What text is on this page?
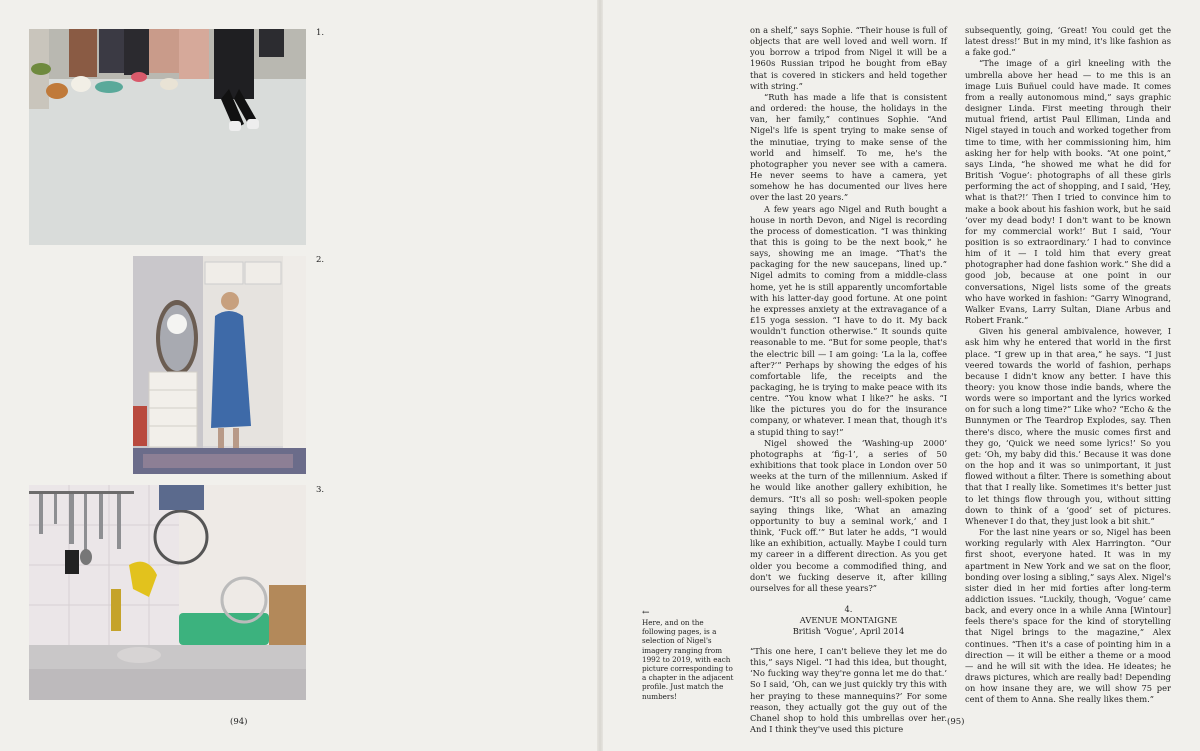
1.
2.
3.
(94)	(95)
←
Here, and on the following pages, is a selection of Nigel's imagery ranging from 1992 to 2019, with each picture corresponding to a chapter in the adjacent profile. Just match the numbers!

on a shelf,” says Sophie. “Their house is full of objects that are well loved and well worn. If you borrow a tripod from Nigel it will be a 1960s Russian tripod he bought from eBay that is covered in stickers and held together with string.”

“Ruth has made a life that is consistent and ordered: the house, the holidays in the van, her family,” continues Sophie. “And Nigel's life is spent trying to make sense of the minutiae, trying to make sense of the world and himself. To me, he's the photographer you never see with a camera. He never seems to have a camera, yet somehow he has documented our lives here over the last 20 years.”

A few years ago Nigel and Ruth bought a house in north Devon, and Nigel is recording the process of domestication. “I was thinking that this is going to be the next book,” he says, showing me an image. “That's the packaging for the new saucepans, lined up.” Nigel admits to coming from a middle-class home, yet he is still apparently uncomfortable with his latter-day good fortune. At one point he expresses anxiety at the extravagance of a £15 yoga session. “I have to do it. My back wouldn't function otherwise.” It sounds quite reasonable to me. “But for some people, that's the electric bill — I am going: ‘La la la, coffee after?’” Perhaps by showing the edges of his comfortable life, the receipts and the packaging, he is trying to make peace with its centre. “You know what I like?” he asks. “I like the pictures you do for the insurance company, or whatever. I mean that, though it's a stupid thing to say!”

Nigel showed the ‘Washing-up 2000’ photographs at ‘fig-1’, a series of 50 exhibitions that took place in London over 50 weeks at the turn of the millennium. Asked if he would like another gallery exhibition, he demurs. “It's all so posh: well-spoken people saying things like, ‘What an amazing opportunity to buy a seminal work,’ and I think, ‘Fuck off.’” But later he adds, “I would like an exhibition, actually. Maybe I could turn my career in a different direction. As you get older you become a commodified thing, and don't we fucking deserve it, after killing ourselves for all these years?”

4.
AVENUE MONTAIGNE
British ‘Vogue’, April 2014

“This one here, I can't believe they let me do this,” says Nigel. “I had this idea, but thought, ‘No fucking way they're gonna let me do that.’ So I said, ‘Oh, can we just quickly try this with her praying to these mannequins?’ For some reason, they actually got the guy out of the Chanel shop to hold this umbrellas over her. And I think they've used this picture

subsequently, going, ‘Great! You could get the latest dress!’ But in my mind, it's like fashion as a fake god.”

“The image of a girl kneeling with the umbrella above her head — to me this is an image Luis Buñuel could have made. It comes from a really autonomous mind,” says graphic designer Linda. First meeting through their mutual friend, artist Paul Elliman, Linda and Nigel stayed in touch and worked together from time to time, with her commissioning him, him asking her for help with books. “At one point,” says Linda, “he showed me what he did for British ‘Vogue’: photographs of all these girls performing the act of shopping, and I said, ‘Hey, what is that?!’ Then I tried to convince him to make a book about his fashion work, but he said ‘over my dead body! I don't want to be known for my commercial work!’ But I said, ‘Your position is so extraordinary.’ I had to convince him of it — I told him that every great photographer had done fashion work.” She did a good job, because at one point in our conversations, Nigel lists some of the greats who have worked in fashion: “Garry Winogrand, Walker Evans, Larry Sultan, Diane Arbus and Robert Frank.”

Given his general ambivalence, however, I ask him why he entered that world in the first place. “I grew up in that area,” he says. “I just veered towards the world of fashion, perhaps because I didn't know any better. I have this theory: you know those indie bands, where the words were so important and the lyrics worked on for such a long time?” Like who? “Echo & the Bunnymen or The Teardrop Explodes, say. Then there's disco, where the music comes first and they go, ‘Quick we need some lyrics!’ So you get: ‘Oh, my baby did this.’ Because it was done on the hop and it was so unimportant, it just flowed without a filter. There is something about that that I really like. Sometimes it's better just to let things flow through you, without sitting down to think of a ‘good’ set of pictures. Whenever I do that, they just look a bit shit.”

For the last nine years or so, Nigel has been working regularly with Alex Harrington. “Our first shoot, everyone hated. It was in my apartment in New York and we sat on the floor, bonding over losing a sibling,” says Alex. Nigel's sister died in her mid forties after long-term addiction issues. “Luckily, though, ‘Vogue’ came back, and every once in a while Anna [Wintour] feels there's space for the kind of storytelling that Nigel brings to the magazine,” Alex continues. “Then it's a case of pointing him in a direction — it will be either a theme or a mood — and he will sit with the idea. He ideates; he draws pictures, which are really bad! Depending on how insane they are, we will show 75 per cent of them to Anna. She really likes them.”
